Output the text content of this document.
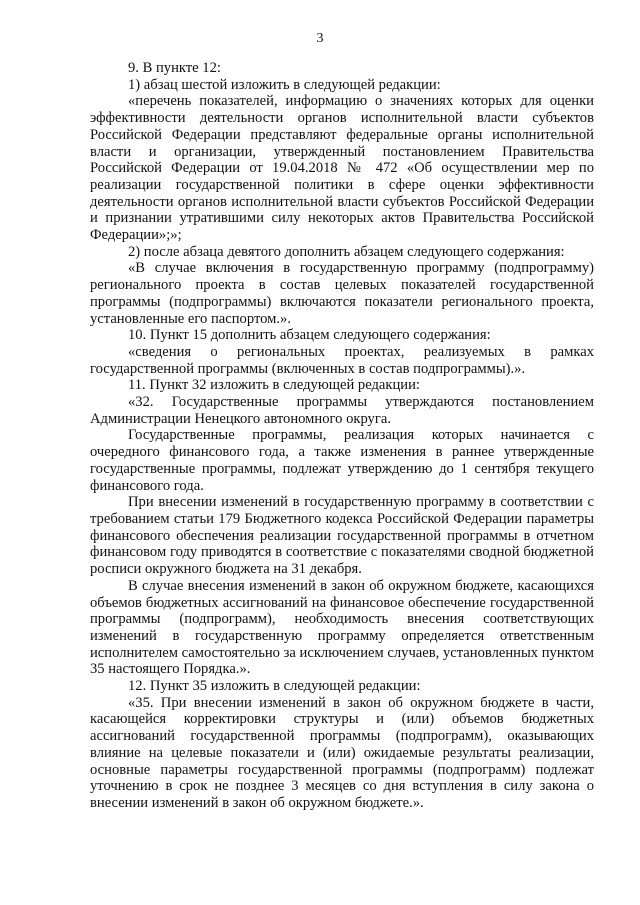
3

9. В пункте 12:

1) абзац шестой изложить в следующей редакции:

«перечень показателей, информацию о значениях которых для оценки эффективности деятельности органов исполнительной власти субъектов Российской Федерации представляют федеральные органы исполнительной власти и организации, утвержденный постановлением Правительства Российской Федерации от 19.04.2018 № 472 «Об осуществлении мер по реализации государственной политики в сфере оценки эффективности деятельности органов исполнительной власти субъектов Российской Федерации и признании утратившими силу некоторых актов Правительства Российской Федерации»;»;

2) после абзаца девятого дополнить абзацем следующего содержания:

«В случае включения в государственную программу (подпрограмму) регионального проекта в состав целевых показателей государственной программы (подпрограммы) включаются показатели регионального проекта, установленные его паспортом.».

10. Пункт 15 дополнить абзацем следующего содержания:

«сведения о региональных проектах, реализуемых в рамках государственной программы (включенных в состав подпрограммы).».

11. Пункт 32 изложить в следующей редакции:

«32. Государственные программы утверждаются постановлением Администрации Ненецкого автономного округа.

Государственные программы, реализация которых начинается с очередного финансового года, а также изменения в раннее утвержденные государственные программы, подлежат утверждению до 1 сентября текущего финансового года.

При внесении изменений в государственную программу в соответствии с требованием статьи 179 Бюджетного кодекса Российской Федерации параметры финансового обеспечения реализации государственной программы в отчетном финансовом году приводятся в соответствие с показателями сводной бюджетной росписи окружного бюджета на 31 декабря.

В случае внесения изменений в закон об окружном бюджете, касающихся объемов бюджетных ассигнований на финансовое обеспечение государственной программы (подпрограмм), необходимость внесения соответствующих изменений в государственную программу определяется ответственным исполнителем самостоятельно за исключением случаев, установленных пунктом 35 настоящего Порядка.».

12. Пункт 35 изложить в следующей редакции:

«35. При внесении изменений в закон об окружном бюджете в части, касающейся корректировки структуры и (или) объемов бюджетных ассигнований государственной программы (подпрограмм), оказывающих влияние на целевые показатели и (или) ожидаемые результаты реализации, основные параметры государственной программы (подпрограмм) подлежат уточнению в срок не позднее 3 месяцев со дня вступления в силу закона о внесении изменений в закон об окружном бюджете.».
